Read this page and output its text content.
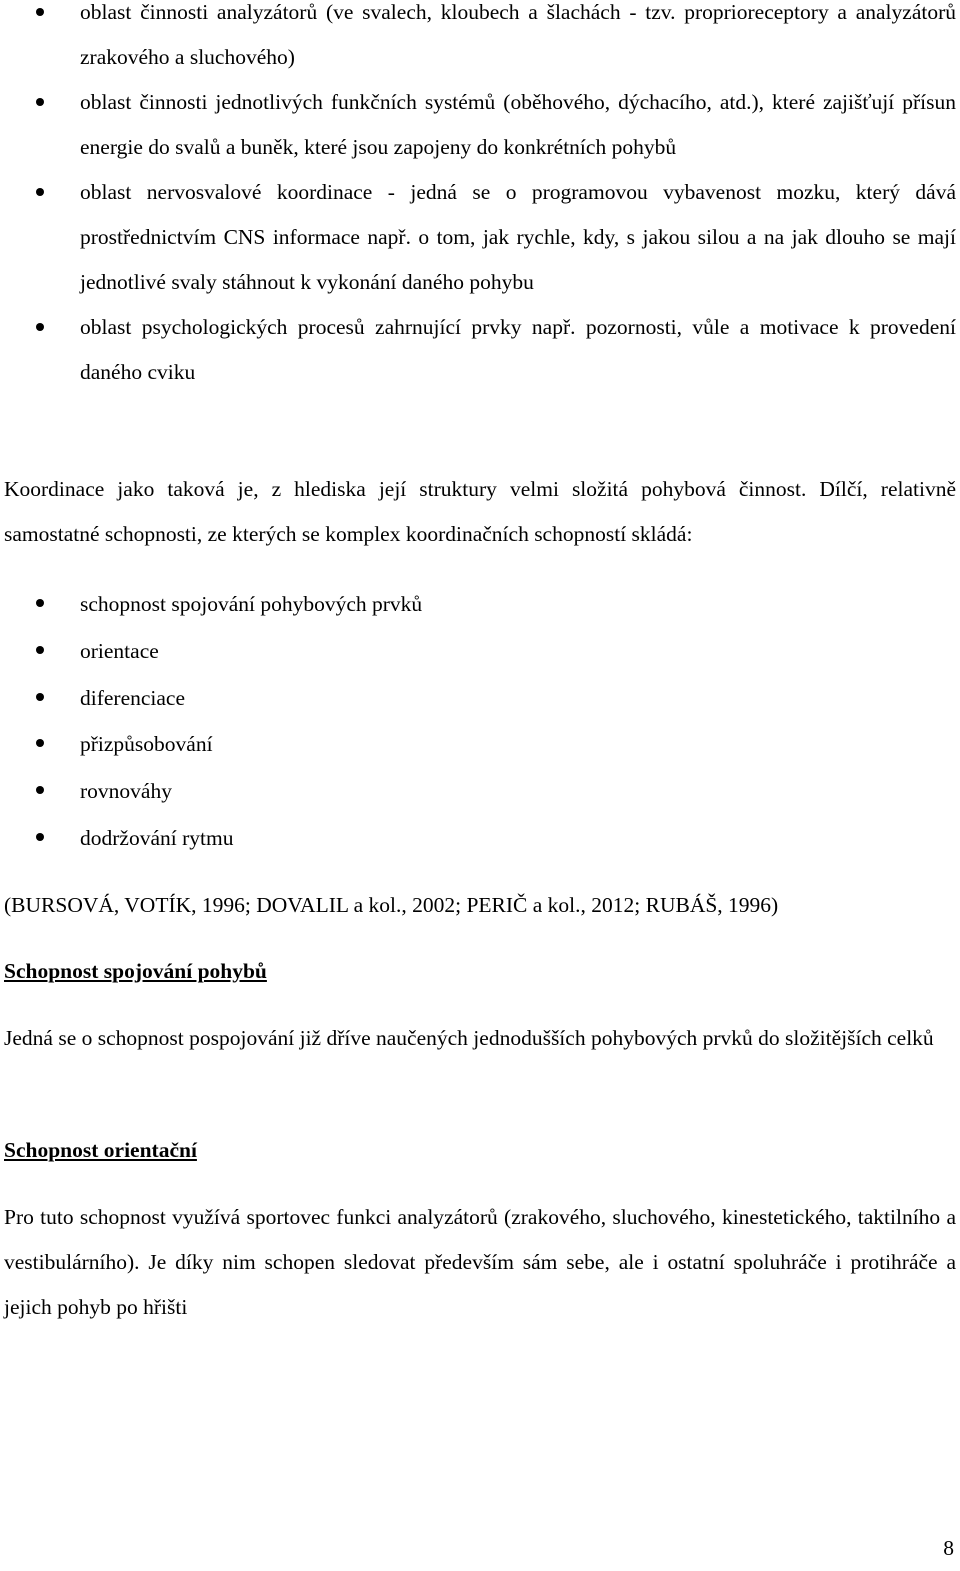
oblast činnosti analyzátorů (ve svalech, kloubech a šlachách - tzv. proprioreceptory a analyzátorů zrakového a sluchového)
oblast činnosti jednotlivých funkčních systémů (oběhového, dýchacího, atd.), které zajišťují přísun energie do svalů a buněk, které jsou zapojeny do konkrétních pohybů
oblast nervosvalové koordinace - jedná se o programovou vybavenost mozku, který dává prostřednictvím CNS informace např. o tom, jak rychle, kdy, s jakou silou a na jak dlouho se mají jednotlivé svaly stáhnout k vykonání daného pohybu
oblast psychologických procesů zahrnující prvky např. pozornosti, vůle a motivace k provedení daného cviku

Koordinace jako taková je, z hlediska její struktury velmi složitá pohybová činnost. Dílčí, relativně samostatné schopnosti, ze kterých se komplex koordinačních schopností skládá:

schopnost spojování pohybových prvků
orientace
diferenciace
přizpůsobování
rovnováhy
dodržování rytmu

(BURSOVÁ, VOTÍK, 1996; DOVALIL a kol., 2002; PERIČ a kol., 2012; RUBÁŠ, 1996)

Schopnost spojování pohybů

Jedná se o schopnost pospojování již dříve naučených jednodušších pohybových prvků do složitějších celků

Schopnost orientační

Pro tuto schopnost využívá sportovec funkci analyzátorů (zrakového, sluchového, kinestetického, taktilního a vestibulárního). Je díky nim schopen sledovat především sám sebe, ale i ostatní spoluhráče i protihráče a jejich pohyb po hřišti

8
